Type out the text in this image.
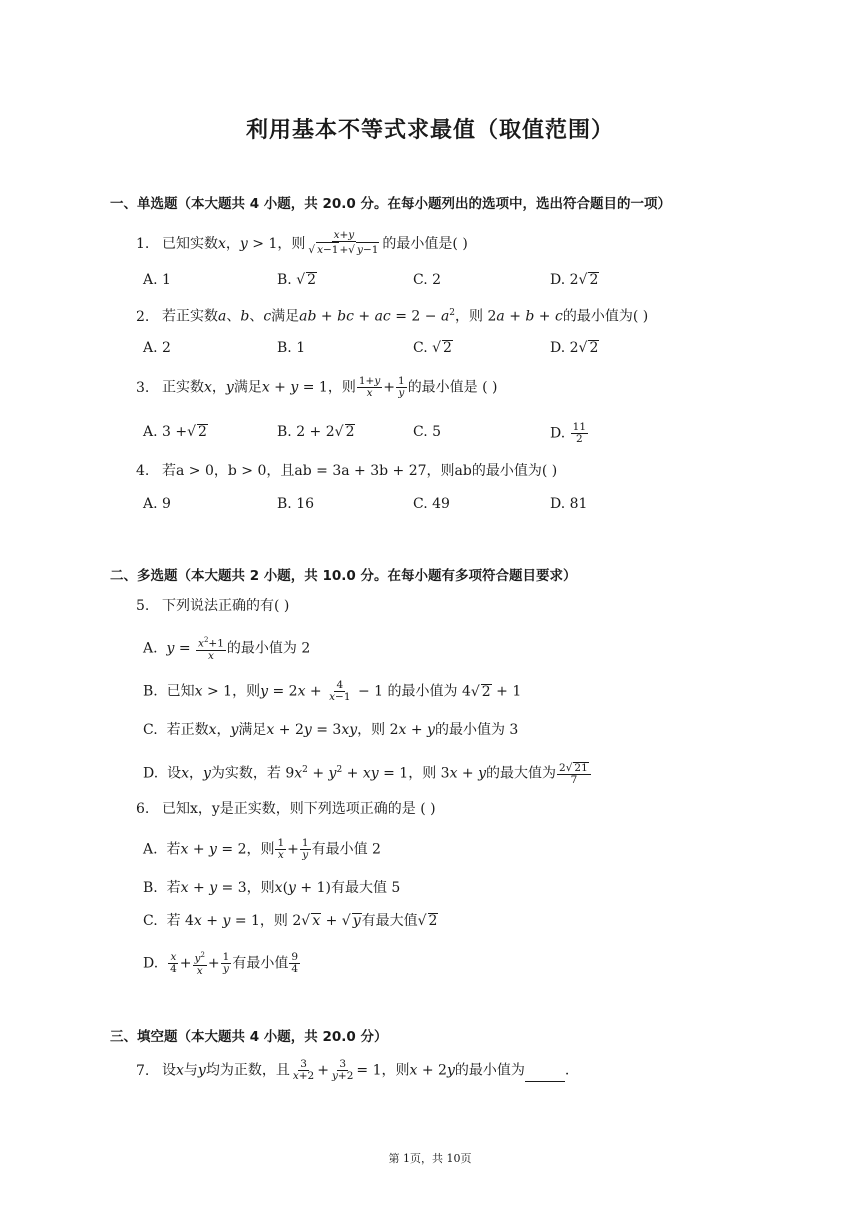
利用基本不等式求最值（取值范围）
一、单选题（本大题共 4 小题，共 20.0 分。在每小题列出的选项中，选出符合题目的一项）
1. 已知实数x，y > 1，则 x+y
√ x−1+ √ y−1 的最小值是( )
A. 1	B. √ 2	C. 2	D. 2 √ 2
2. 若正实数a、b、c满足ab + bc + ac = $2 - a^2$，则 2a + b + c的最小值为( )
A. 2	B. 1	C. √ 2	D. 2 √ 2
3. 正实数x，y满足x + y = 1，则 $\frac{1+y}{x} + \frac{1}{y}$ 的最小值是 ( )
A. 3 + √ 2	B. 2 + 2 √ 2	C. 5	D. $\frac{11}{2}$
4. 若a > 0，b > 0，且ab = 3a + 3b + 27，则ab的最小值为( )
A. 9	B. 16	C. 49	D. 81
二、多选题（本大题共 2 小题，共 10.0 分。在每小题有多项符合题目要求）
5. 下列说法正确的有( )
A.  $y = \frac{x^2+1}{x}$ 的最小值为 2
B.  已知x > 1，则$y = 2x + \frac{4}{x-1} - 1$ 的最小值为 4 √ 2 + 1
C.  若正数x，y满足x + 2y = 3xy，则 2x + y的最小值为 3
D.  设x，y为实数，若 $9x^2 + y^2$ + xy = 1，则 3x + y的最大值为 $\frac{2 √ 21}{7}$
6. 已知x，y是正实数，则下列选项正确的是 ( )
A.  若x + y = 2，则 $\frac{1}{x} + \frac{1}{y}$ 有最小值 2
B.  若x + y = 3，则x(y + 1)有最大值 5
C.  若 4x + y = 1，则 2 √ x + √ y有最大值 √ 2
D. $\frac{x}{4} + \frac{y^2}{x} + \frac{1}{y}$ 有最小值 $\frac{9}{4}$
三、填空题（本大题共 4 小题，共 20.0 分）
7. 设x与y均为正数，且 $\frac{3}{x+2} + \frac{3}{y+2} = 1$，则x + 2y的最小值为	.
第 1页，共 10页
